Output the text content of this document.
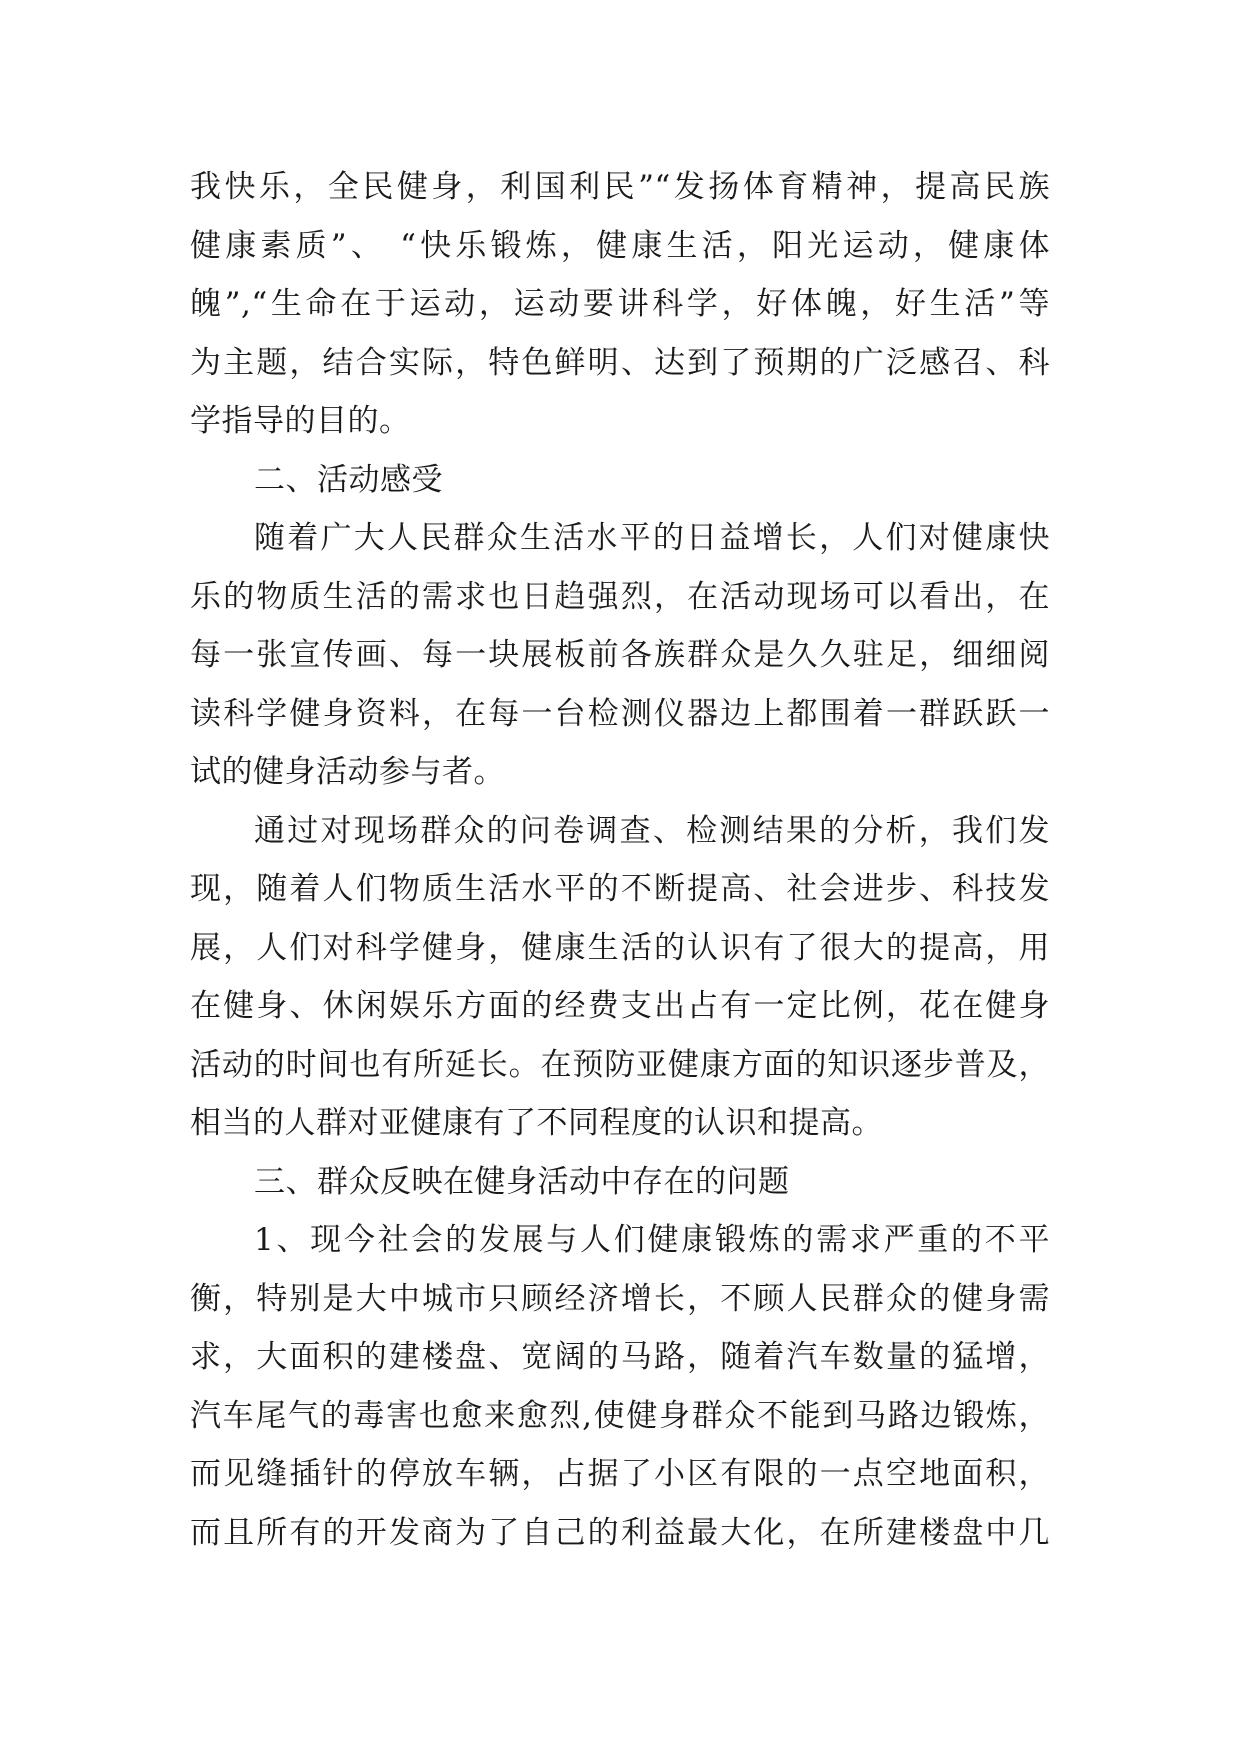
我快乐，全民健身，利国利民”“发扬体育精神，提高民族
健康素质”、 “快乐锻炼，健康生活，阳光运动，健康体
魄”,“生命在于运动，运动要讲科学，好体魄，好生活”等
为主题，结合实际，特色鲜明、达到了预期的广泛感召、科
学指导的目的。
二、活动感受
随着广大人民群众生活水平的日益增长，人们对健康快
乐的物质生活的需求也日趋强烈，在活动现场可以看出，在
每一张宣传画、每一块展板前各族群众是久久驻足，细细阅
读科学健身资料，在每一台检测仪器边上都围着一群跃跃一
试的健身活动参与者。
通过对现场群众的问卷调查、检测结果的分析，我们发
现，随着人们物质生活水平的不断提高、社会进步、科技发
展，人们对科学健身，健康生活的认识有了很大的提高，用
在健身、休闲娱乐方面的经费支出占有一定比例，花在健身
活动的时间也有所延长。在预防亚健康方面的知识逐步普及，
相当的人群对亚健康有了不同程度的认识和提高。
三、群众反映在健身活动中存在的问题
1、现今社会的发展与人们健康锻炼的需求严重的不平
衡，特别是大中城市只顾经济增长，不顾人民群众的健身需
求，大面积的建楼盘、宽阔的马路，随着汽车数量的猛增，
汽车尾气的毒害也愈来愈烈,使健身群众不能到马路边锻炼，
而见缝插针的停放车辆，占据了小区有限的一点空地面积，
而且所有的开发商为了自己的利益最大化，在所建楼盘中几
